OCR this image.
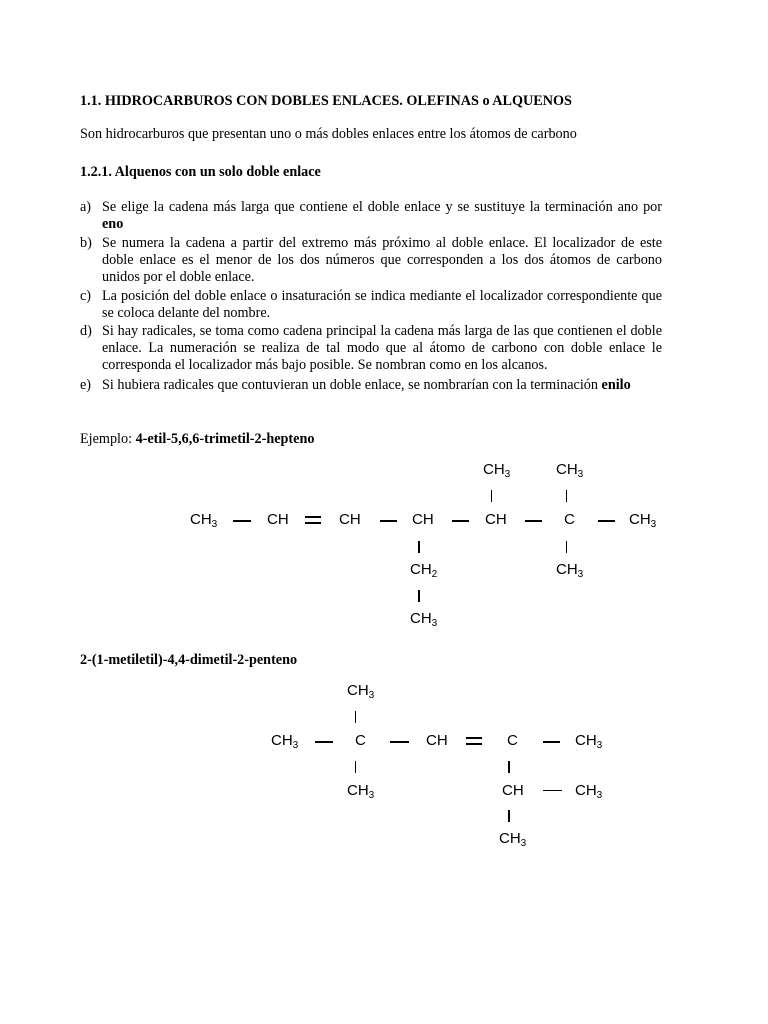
1.1. HIDROCARBUROS CON DOBLES ENLACES. OLEFINAS o ALQUENOS
Son hidrocarburos que presentan uno o más dobles enlaces entre los átomos de carbono
1.2.1. Alquenos con un solo doble enlace
a) Se elige la cadena más larga que contiene el doble enlace y se sustituye la terminación ano por eno
b) Se numera la cadena a partir del extremo más próximo al doble enlace. El localizador de este doble enlace es el menor de los dos números que corresponden a los dos átomos de carbono unidos por el doble enlace.
c) La posición del doble enlace o insaturación se indica mediante el localizador correspondiente que se coloca delante del nombre.
d) Si hay radicales, se toma como cadena principal la cadena más larga de las que contienen el doble enlace. La numeración se realiza de tal modo que al átomo de carbono con doble enlace le corresponda el localizador más bajo posible. Se nombran como en los alcanos.
e) Si hubiera radicales que contuvieran un doble enlace, se nombrarían con la terminación enilo
Ejemplo: 4-etil-5,6,6-trimetil-2-hepteno
$CH_3$	$CH_3$
$CH_3$	CH	CH	CH	CH	C	$CH_3$
$CH_2$	$CH_3$
$CH_3$
2-(1-metiletil)-4,4-dimetil-2-penteno
$CH_3$
$CH_3$	C	CH	C	$CH_3$
$CH_3$	CH	$CH_3$
$CH_3$
